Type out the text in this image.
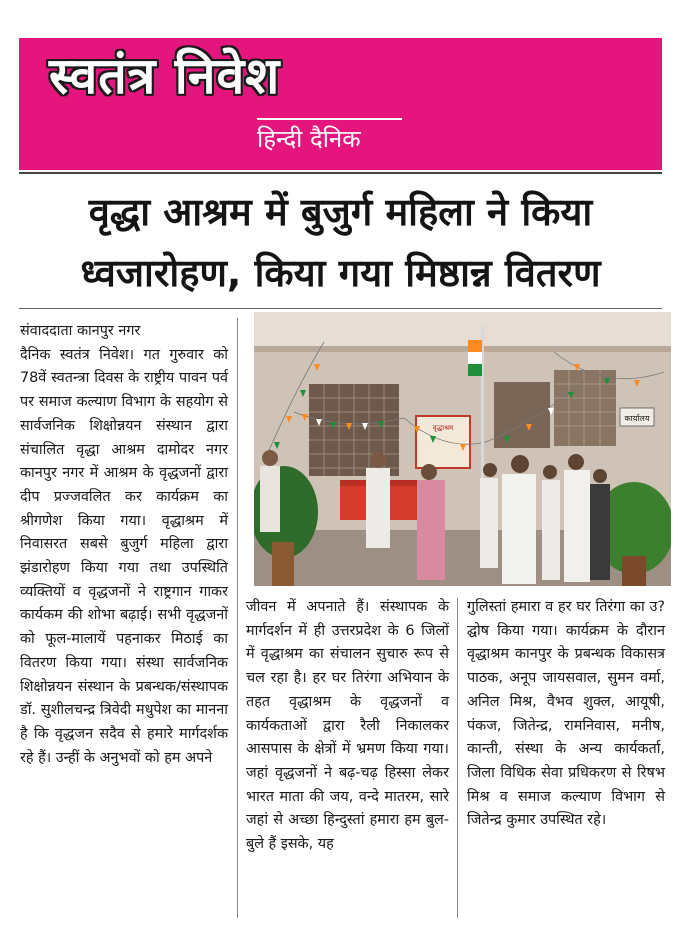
स्वतंत्र निवेश
हिन्दी दैनिक
वृद्धा आश्रम में बुजुर्ग महिला ने किया ध्वजारोहण, किया गया मिष्ठान्न वितरण

संवाददाता कानपुर नगर

दैनिक स्वतंत्र निवेश। गत गुरुवार को 78वें स्वतन्त्रा दिवस के राष्ट्रीय पावन पर्व पर समाज कल्याण विभाग के सहयोग से सार्वजनिक शिक्षोन्नयन संस्थान द्वारा संचालित वृद्धा आश्रम दामोदर नगर कानपुर नगर में आश्रम के वृद्धजनों द्वारा दीप प्रज्जवलित कर कार्यक्रम का श्रीगणेश किया गया। वृद्धाश्रम में निवासरत सबसे बुजुर्ग महिला द्वारा झंडारोहण किया गया तथा उपस्थिति व्यक्तियों व वृद्धजनों ने राष्ट्रगान गाकर कार्यकम की शोभा बढ़ाई। सभी वृद्धजनों को फूल-मालायें पहनाकर मिठाई का वितरण किया गया। संस्था सार्वजनिक शिक्षोन्नयन संस्थान के प्रबन्धक/संस्थापक डॉ. सुशीलचन्द्र त्रिवेदी मधुपेश का मानना है कि वृद्धजन सदैव से हमारे मार्गदर्शक रहे हैं। उन्हीं के अनुभवों को हम अपने

कार्यालय
वृद्धाश्रम

जीवन में अपनाते हैं। संस्थापक के मार्गदर्शन में ही उत्तरप्रदेश के 6 जिलों में वृद्धाश्रम का संचालन सुचारु रूप से चल रहा है। हर घर तिरंगा अभियान के तहत वृद्धाश्रम के वृद्धजनों व कार्यकताओं द्वारा रैली निकालकर आसपास के क्षेत्रों में भ्रमण किया गया। जहां वृद्धजनों ने बढ़-चढ़ हिस्सा लेकर भारत माता की जय, वन्दे मातरम, सारे जहां से अच्छा हिन्दुस्तां हमारा हम बुल-बुले हैं इसके, यह

गुलिस्तां हमारा व हर घर तिरंगा का उ?द्घोष किया गया। कार्यक्रम के दौरान वृद्धाश्रम कानपुर के प्रबन्धक विकासत्र पाठक, अनूप जायसवाल, सुमन वर्मा, अनिल मिश्र, वैभव शुक्ल, आयूषी, पंकज, जितेन्द्र, रामनिवास, मनीष, कान्ती, संस्था के अन्य कार्यकर्ता, जिला विधिक सेवा प्रधिकरण से रिषभ मिश्र व समाज कल्याण विभाग से जितेन्द्र कुमार उपस्थित रहे।
